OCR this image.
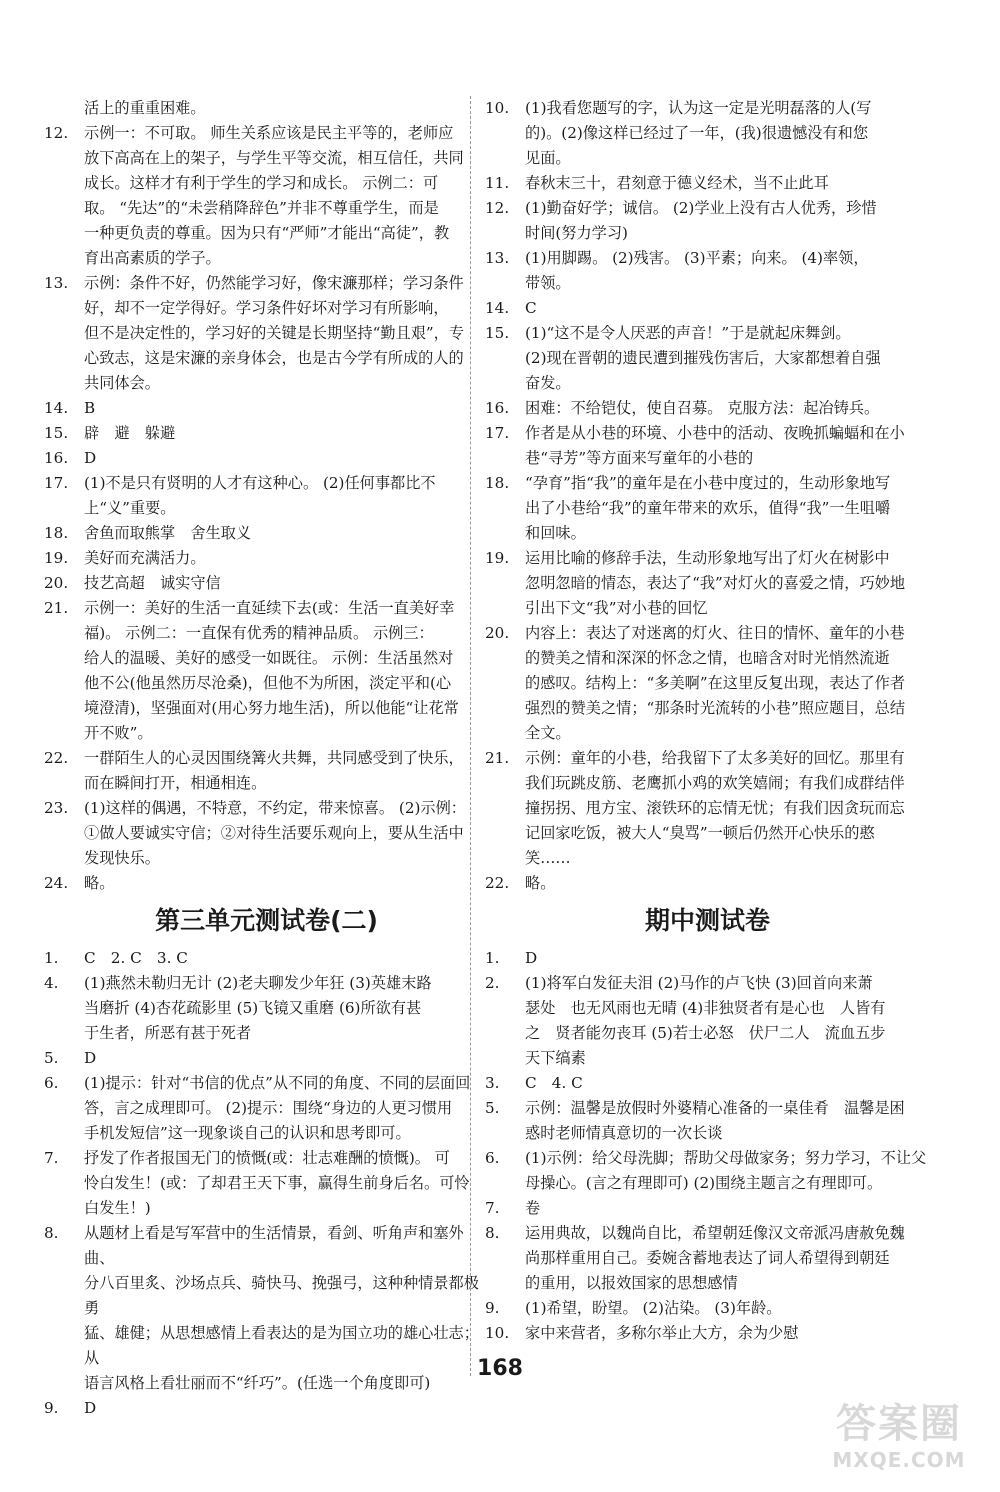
活上的重重困难。
12.	示例一：不可取。 师生关系应该是民主平等的，老师应
放下高高在上的架子，与学生平等交流，相互信任，共同
成长。这样才有利于学生的学习和成长。 示例二：可
取。 “先达”的“未尝稍降辞色”并非不尊重学生，而是
一种更负责的尊重。因为只有“严师”才能出“高徒”，教
育出高素质的学子。
13.	示例：条件不好，仍然能学习好，像宋濂那样；学习条件
好，却不一定学得好。学习条件好坏对学习有所影响，
但不是决定性的，学习好的关键是长期坚持“勤且艰”，专
心致志，这是宋濂的亲身体会，也是古今学有所成的人的
共同体会。
14.	B
15.	辟　避　躲避
16.	D
17.	(1)不是只有贤明的人才有这种心。 (2)任何事都比不
上“义”重要。
18.	舍鱼而取熊掌　舍生取义
19.	美好而充满活力。
20.	技艺高超　诚实守信
21.	示例一：美好的生活一直延续下去(或：生活一直美好幸
福)。 示例二：一直保有优秀的精神品质。 示例三：
给人的温暖、美好的感受一如既往。 示例：生活虽然对
他不公(他虽然历尽沧桑)，但他不为所困，淡定平和(心
境澄清)，坚强面对(用心努力地生活)，所以他能“让花常
开不败”。
22.	一群陌生人的心灵因围绕篝火共舞，共同感受到了快乐，
而在瞬间打开，相通相连。
23.	(1)这样的偶遇，不特意，不约定，带来惊喜。 (2)示例：
①做人要诚实守信；②对待生活要乐观向上，要从生活中
发现快乐。
24.	略。
第三单元测试卷(二)
1.	C　2. C　3. C
4.	(1)燕然未勒归无计 (2)老夫聊发少年狂 (3)英雄末路
当磨折 (4)杏花疏影里 (5)飞镜又重磨 (6)所欲有甚
于生者，所恶有甚于死者
5.	D
6.	(1)提示：针对“书信的优点”从不同的角度、不同的层面回
答，言之成理即可。 (2)提示：围绕“身边的人更习惯用
手机发短信”这一现象谈自己的认识和思考即可。
7.	抒发了作者报国无门的愤慨(或：壮志难酬的愤慨)。 可
怜白发生！(或：了却君王天下事，赢得生前身后名。可怜
白发生！)
8.	从题材上看是写军营中的生活情景，看剑、听角声和塞外曲、
分八百里炙、沙场点兵、骑快马、挽强弓，这种种情景都极勇
猛、雄健；从思想感情上看表达的是为国立功的雄心壮志；从
语言风格上看壮丽而不“纤巧”。(任选一个角度即可)
9.	D
10.	(1)我看您题写的字，认为这一定是光明磊落的人(写
的)。(2)像这样已经过了一年，(我)很遗憾没有和您
见面。
11.	春秋末三十，君刻意于德义经术，当不止此耳
12.	(1)勤奋好学；诚信。 (2)学业上没有古人优秀，珍惜
时间(努力学习)
13.	(1)用脚踢。 (2)残害。 (3)平素；向来。 (4)率领，
带领。
14.	C
15.	(1)“这不是令人厌恶的声音！”于是就起床舞剑。
(2)现在晋朝的遗民遭到摧残伤害后，大家都想着自强
奋发。
16.	困难：不给铠仗，使自召募。 克服方法：起冶铸兵。
17.	作者是从小巷的环境、小巷中的活动、夜晚抓蝙蝠和在小
巷“寻芳”等方面来写童年的小巷的
18.	“孕育”指“我”的童年是在小巷中度过的，生动形象地写
出了小巷给“我”的童年带来的欢乐，值得“我”一生咀嚼
和回味。
19.	运用比喻的修辞手法，生动形象地写出了灯火在树影中
忽明忽暗的情态，表达了“我”对灯火的喜爱之情，巧妙地
引出下文“我”对小巷的回忆
20.	内容上：表达了对迷离的灯火、往日的情怀、童年的小巷
的赞美之情和深深的怀念之情，也暗含对时光悄然流逝
的感叹。结构上：“多美啊”在这里反复出现，表达了作者
强烈的赞美之情；“那条时光流转的小巷”照应题目，总结
全文。
21.	示例：童年的小巷，给我留下了太多美好的回忆。那里有
我们玩跳皮筋、老鹰抓小鸡的欢笑嬉闹；有我们成群结伴
撞拐拐、甩方宝、滚铁环的忘情无忧；有我们因贪玩而忘
记回家吃饭，被大人“臭骂”一顿后仍然开心快乐的憨
笑……
22.	略。
期中测试卷
1.	D
2.	(1)将军白发征夫泪 (2)马作的卢飞快 (3)回首向来萧
瑟处　也无风雨也无晴 (4)非独贤者有是心也　人皆有
之　贤者能勿丧耳 (5)若士必怒　伏尸二人　流血五步
天下缟素
3.	C　4. C
5.	示例：温馨是放假时外婆精心准备的一桌佳肴　温馨是困
惑时老师情真意切的一次长谈
6.	(1)示例：给父母洗脚；帮助父母做家务；努力学习，不让父
母操心。(言之有理即可) (2)围绕主题言之有理即可。
7.	卷
8.	运用典故，以魏尚自比，希望朝廷像汉文帝派冯唐赦免魏
尚那样重用自己。委婉含蓄地表达了词人希望得到朝廷
的重用，以报效国家的思想感情
9.	(1)希望，盼望。 (2)沾染。 (3)年龄。
10.	家中来营者，多称尔举止大方，余为少慰
168
答案圈
MXQE.COM
